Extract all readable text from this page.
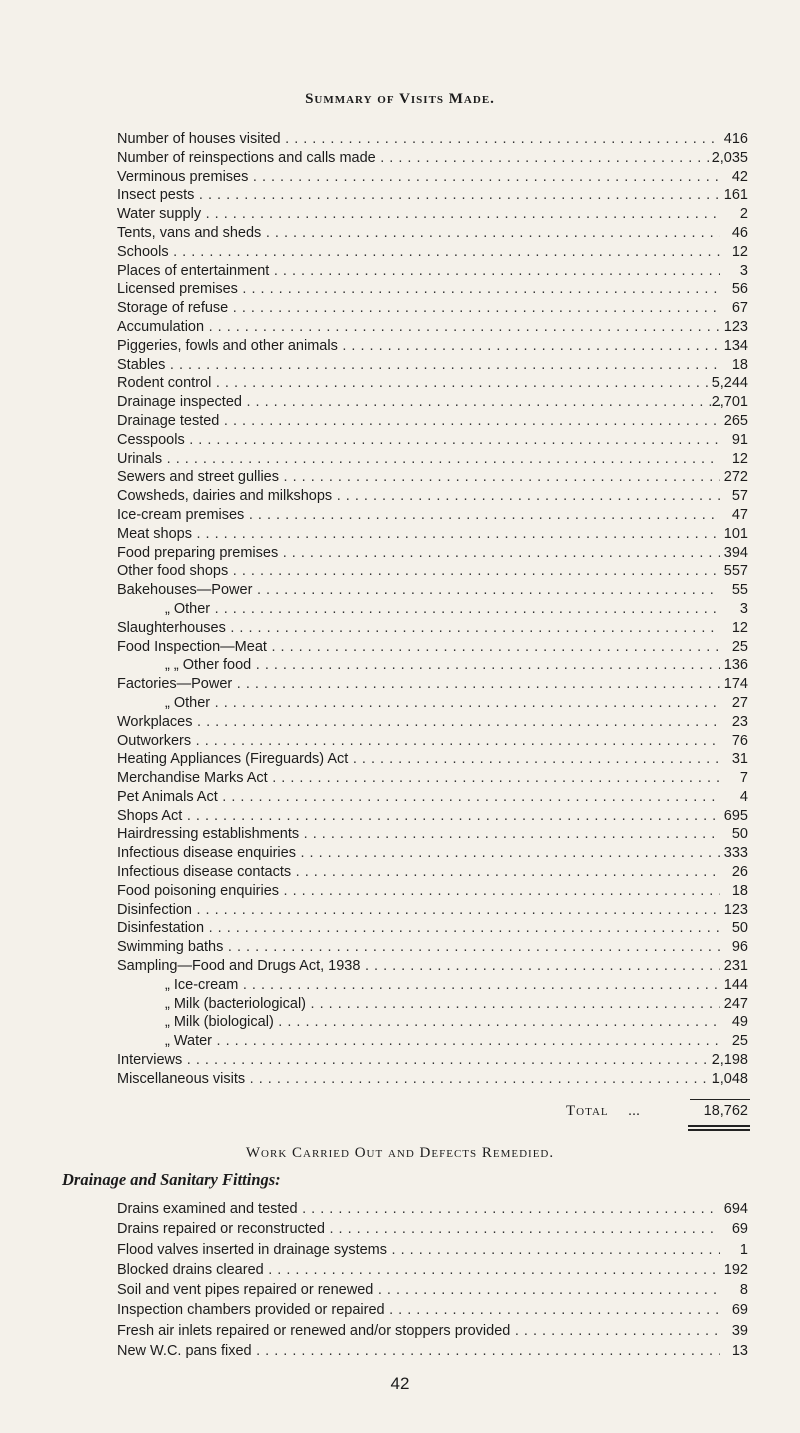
Summary of Visits Made.
Number of houses visited . . .	416
Number of reinspections and calls made . . .	2,035
Verminous premises . . .	42
Insect pests . . .	161
Water supply . . .	2
Tents, vans and sheds . . .	46
Schools . . .	12
Places of entertainment . . .	3
Licensed premises . . .	56
Storage of refuse . . .	67
Accumulation . . .	123
Piggeries, fowls and other animals . . .	134
Stables . . .	18
Rodent control . . .	5,244
Drainage inspected . . .	2,701
Drainage tested . . .	265
Cesspools . . .	91
Urinals . . .	12
Sewers and street gullies . . .	272
Cowsheds, dairies and milkshops . . .	57
Ice-cream premises . . .	47
Meat shops . . .	101
Food preparing premises . . .	394
Other food shops . . .	557
Bakehouses—Power . . .	55
„ Other . . .	3
Slaughterhouses . . .	12
Food Inspection—Meat . . .	25
„ „ Other food . . .	136
Factories—Power . . .	174
„ Other . . .	27
Workplaces . . .	23
Outworkers . . .	76
Heating Appliances (Fireguards) Act . . .	31
Merchandise Marks Act . . .	7
Pet Animals Act . . .	4
Shops Act . . .	695
Hairdressing establishments . . .	50
Infectious disease enquiries . . .	333
Infectious disease contacts . . .	26
Food poisoning enquiries . . .	18
Disinfection . . .	123
Disinfestation . . .	50
Swimming baths . . .	96
Sampling—Food and Drugs Act, 1938 . . .	231
„ Ice-cream . . .	144
„ Milk (bacteriological) . . .	247
„ Milk (biological) . . .	49
„ Water . . .	25
Interviews . . .	2,198
Miscellaneous visits . . .	1,048
Total	...	18,762
Work Carried Out and Defects Remedied.
Drainage and Sanitary Fittings:
Drains examined and tested . . .	694
Drains repaired or reconstructed . . .	69
Flood valves inserted in drainage systems . . .	1
Blocked drains cleared . . .	192
Soil and vent pipes repaired or renewed . . .	8
Inspection chambers provided or repaired . . .	69
Fresh air inlets repaired or renewed and/or stoppers provided . . .	39
New W.C. pans fixed . . .	13
42
